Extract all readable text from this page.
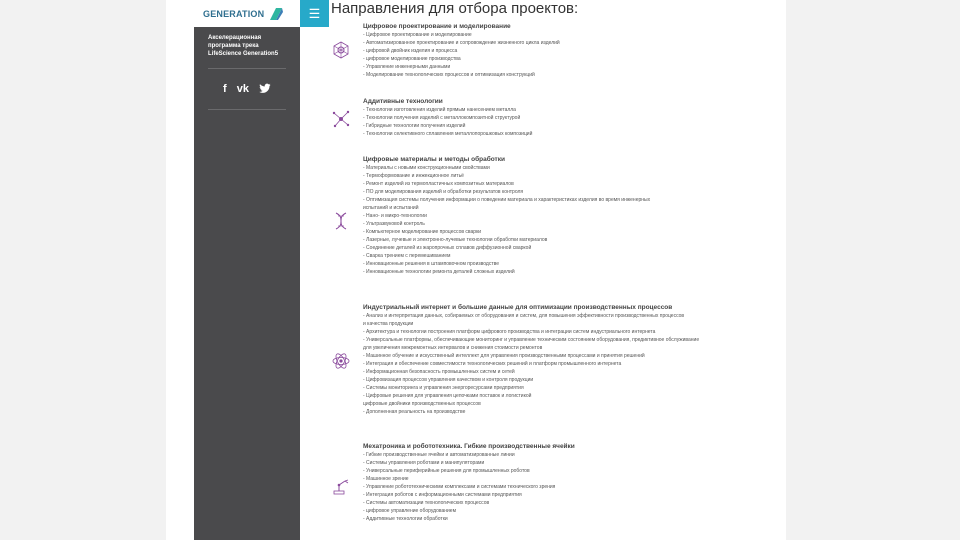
GENERATION
Акселерационная
программа трека
LifeScience Generation5
f vk
☰ Направления для отбора проектов:
Цифровое проектирование и моделирование
- Цифровое проектирование и моделирование
- Автоматизированное проектирование и сопровождение жизненного цикла изделий
- цифровой двойник изделия и процесса
- цифровое моделирование производства
- Управление инженерными данными
- Моделирование технологических процессов и оптимизация конструкций
Аддитивные технологии
- Технологии изготовления изделий прямым нанесением металла
- Технологии получения изделий с металлокомпозитной структурой
- Гибридные технологии получения изделий
- Технологии селективного сплавления металлопорошковых композиций
Цифровые материалы и методы обработки
- Материалы с новыми конструкционными свойствами
- Термоформование и инжекционное литьё
- Ремонт изделий из термопластичных композитных материалов
- ПО для моделирования изделий и обработки результатов контроля
- Оптимизация системы получения информации о поведении материала и характеристиках изделия во время инженерных
испытаний и испытаний
- Нано- и микро-технологии
- Ультразвуковой контроль
- Компьютерное моделирование процессов сварки
- Лазерные, лучевые и электронно-лучевые технологии обработки материалов
- Соединение деталей из жаропрочных сплавов диффузионной сваркой
- Сварка трением с перемешиванием
- Инновационные решения в штамповочном производстве
- Инновационные технологии ремонта деталей сложных изделий
Индустриальный интернет и большие данные для оптимизации производственных процессов
- Анализ и интерпретация данных, собираемых от оборудования и систем, для повышения эффективности производственных процессов
и качества продукции
- Архитектура и технологии построения платформ цифрового производства и интеграции систем индустриального интернета
- Универсальные платформы, обеспечивающие мониторинг и управление техническим состоянием оборудования, предиктивное обслуживание
для увеличения межремонтных интервалов и снижения стоимости ремонтов
- Машинное обучение и искусственный интеллект для управления производственными процессами и принятия решений
- Интеграция и обеспечение совместимости технологических решений и платформ промышленного интернета
- Информационная безопасность промышленных систем и сетей
- Цифровизация процессов управления качеством и контроля продукции
- Системы мониторинга и управления энергоресурсами предприятия
- Цифровые решения для управления цепочками поставок и логистикой
цифровые двойники производственных процессов
- Дополненная реальность на производстве
Мехатроника и робототехника. Гибкие производственные ячейки
- Гибкие производственные ячейки и автоматизированные линии
- Системы управления роботами и манипуляторами
- Универсальные периферийные решения для промышленных роботов
- Машинное зрение
- Управление робототехническими комплексами и системами технического зрения
- Интеграция роботов с информационными системами предприятия
- Системы автоматизации технологических процессов
- цифровое управление оборудованием
- Аддитивные технологии обработки
